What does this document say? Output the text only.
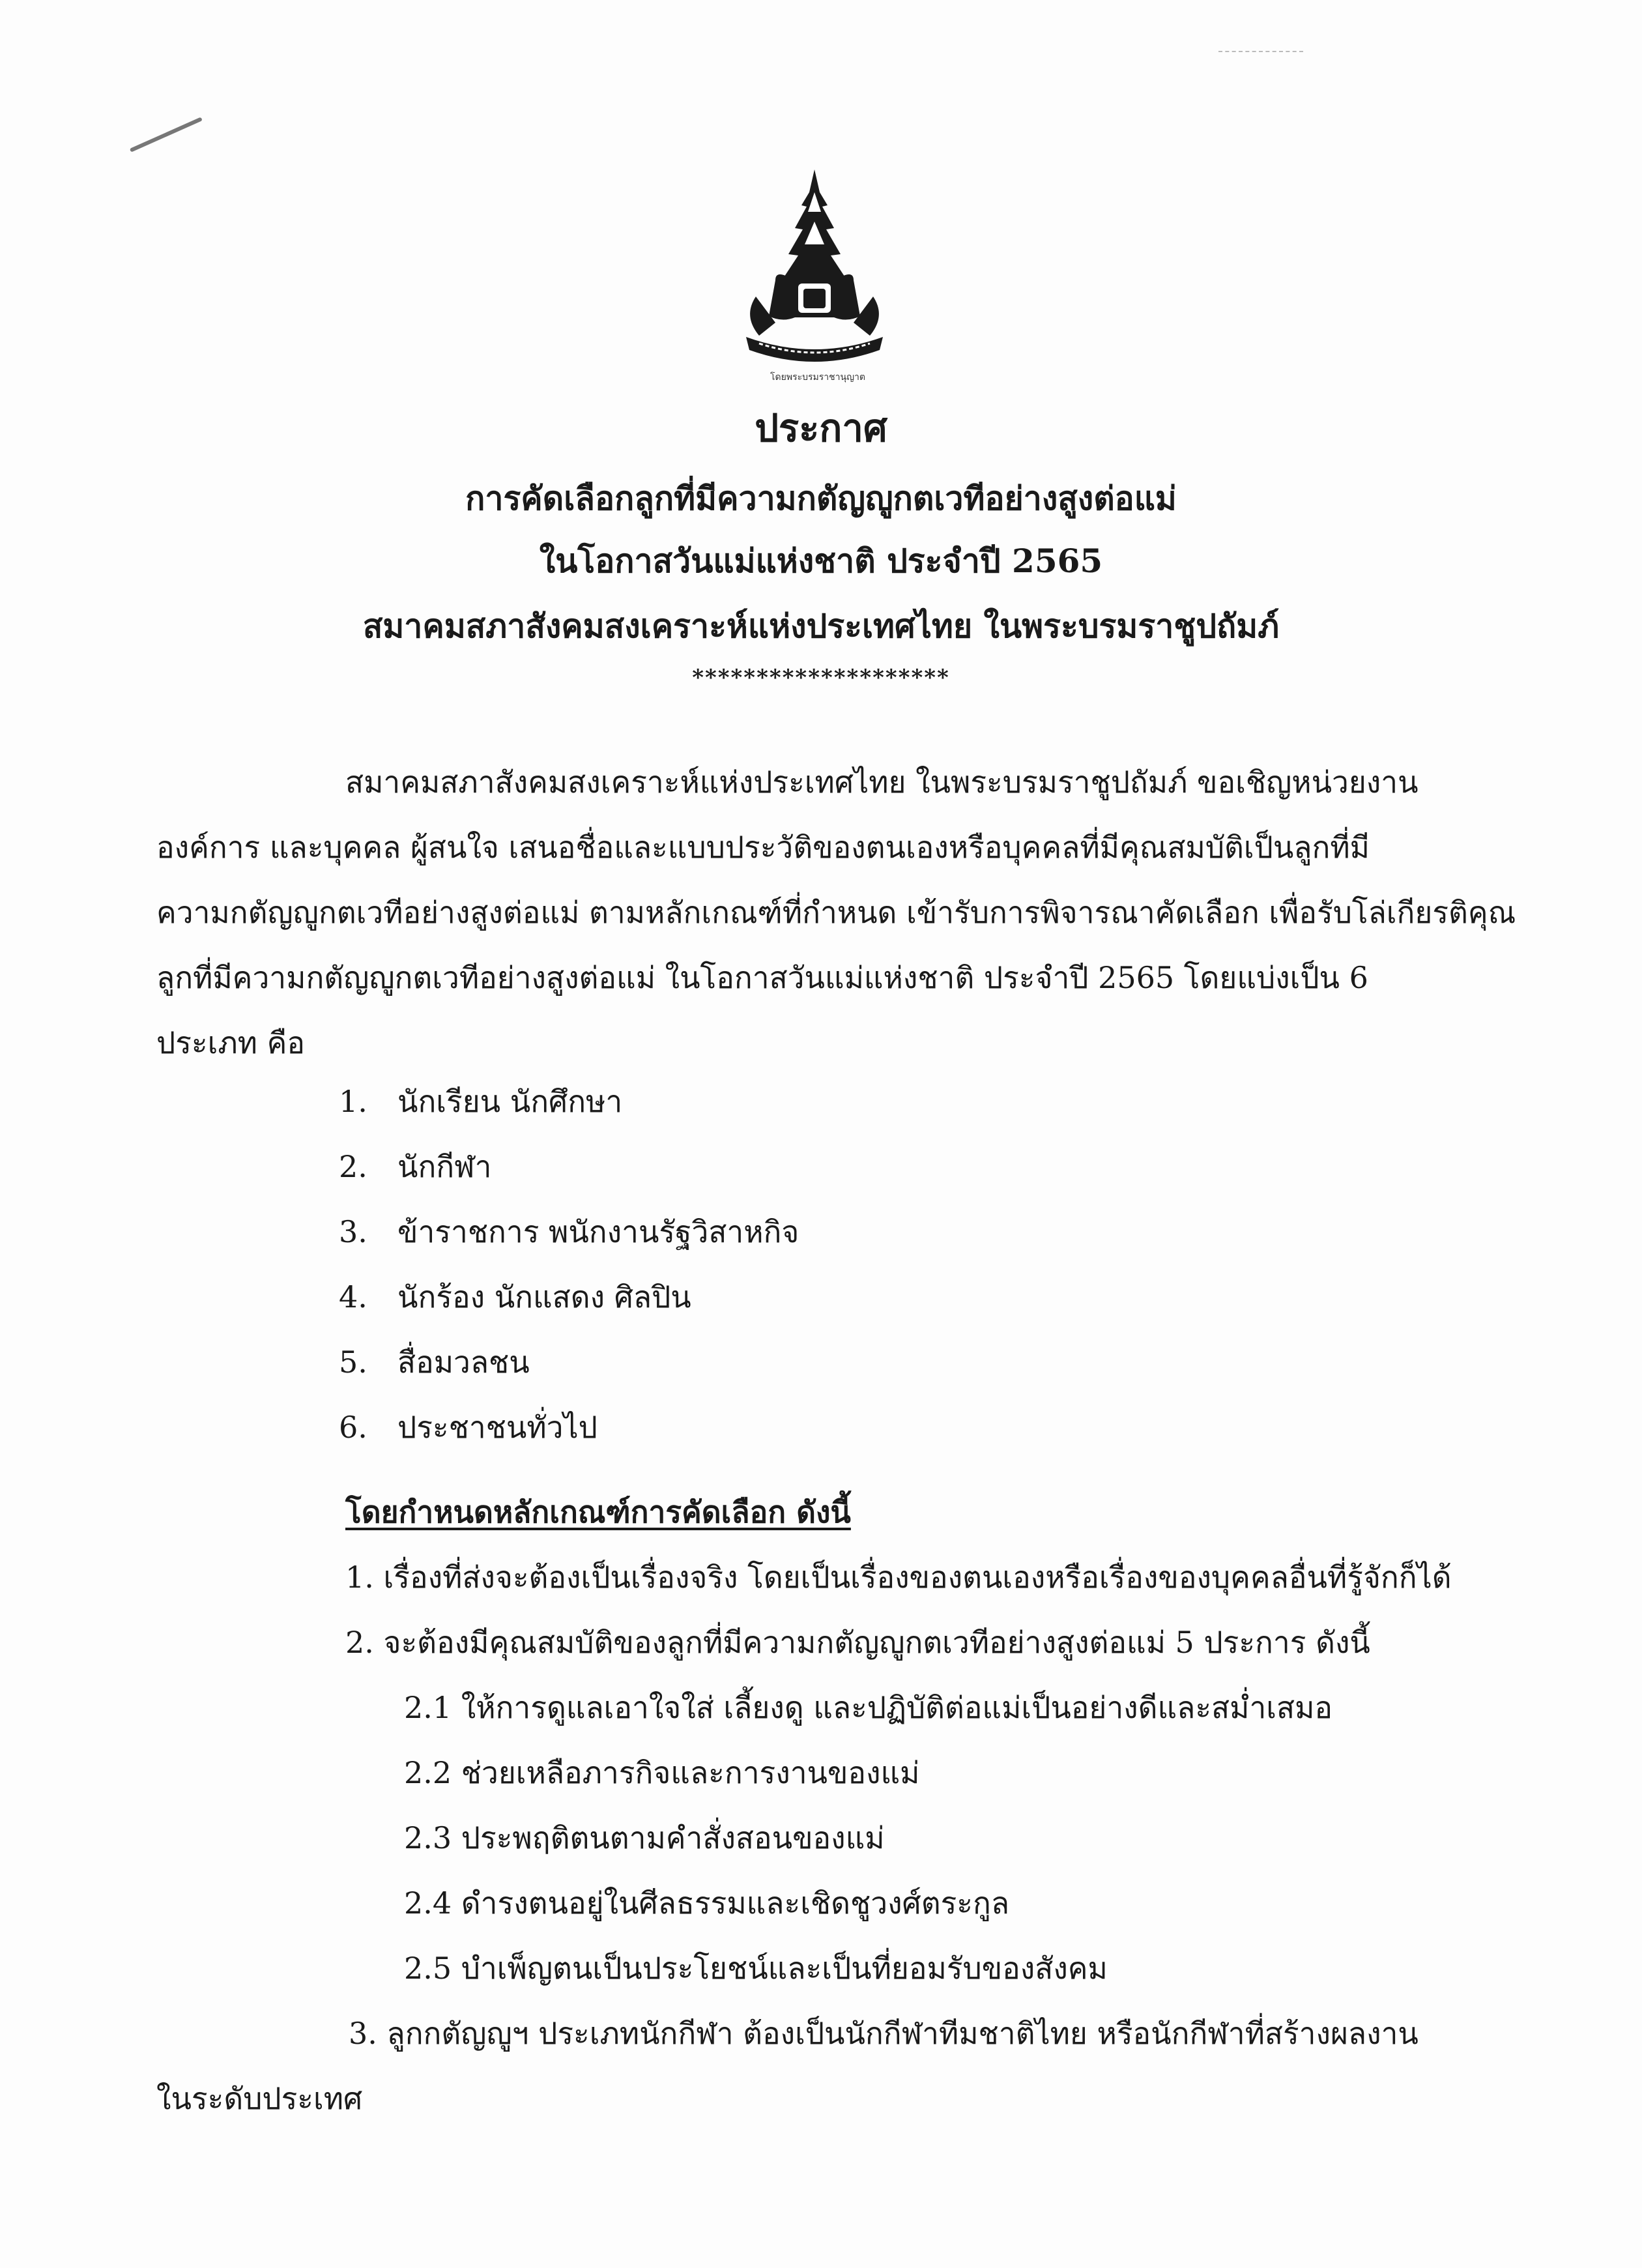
โดยพระบรมราชานุญาต
ประกาศ
การคัดเลือกลูกที่มีความกตัญญูกตเวทีอย่างสูงต่อแม่
ในโอกาสวันแม่แห่งชาติ ประจำปี 2565
สมาคมสภาสังคมสงเคราะห์แห่งประเทศไทย ในพระบรมราชูปถัมภ์
********************
สมาคมสภาสังคมสงเคราะห์แห่งประเทศไทย ในพระบรมราชูปถัมภ์ ขอเชิญหน่วยงาน
องค์การ และบุคคล ผู้สนใจ เสนอชื่อและแบบประวัติของตนเองหรือบุคคลที่มีคุณสมบัติเป็นลูกที่มี
ความกตัญญูกตเวทีอย่างสูงต่อแม่ ตามหลักเกณฑ์ที่กำหนด เข้ารับการพิจารณาคัดเลือก เพื่อรับโล่เกียรติคุณ
ลูกที่มีความกตัญญูกตเวทีอย่างสูงต่อแม่ ในโอกาสวันแม่แห่งชาติ ประจำปี 2565 โดยแบ่งเป็น 6
ประเภท คือ
1. นักเรียน นักศึกษา
2. นักกีฬา
3. ข้าราชการ พนักงานรัฐวิสาหกิจ
4. นักร้อง นักแสดง ศิลปิน
5. สื่อมวลชน
6. ประชาชนทั่วไป
โดยกำหนดหลักเกณฑ์การคัดเลือก ดังนี้
1. เรื่องที่ส่งจะต้องเป็นเรื่องจริง โดยเป็นเรื่องของตนเองหรือเรื่องของบุคคลอื่นที่รู้จักก็ได้
2. จะต้องมีคุณสมบัติของลูกที่มีความกตัญญูกตเวทีอย่างสูงต่อแม่ 5 ประการ ดังนี้
2.1 ให้การดูแลเอาใจใส่ เลี้ยงดู และปฏิบัติต่อแม่เป็นอย่างดีและสม่ำเสมอ
2.2 ช่วยเหลือภารกิจและการงานของแม่
2.3 ประพฤติตนตามคำสั่งสอนของแม่
2.4 ดำรงตนอยู่ในศีลธรรมและเชิดชูวงศ์ตระกูล
2.5 บำเพ็ญตนเป็นประโยชน์และเป็นที่ยอมรับของสังคม
3. ลูกกตัญญูฯ ประเภทนักกีฬา ต้องเป็นนักกีฬาทีมชาติไทย หรือนักกีฬาที่สร้างผลงาน
ในระดับประเทศ
